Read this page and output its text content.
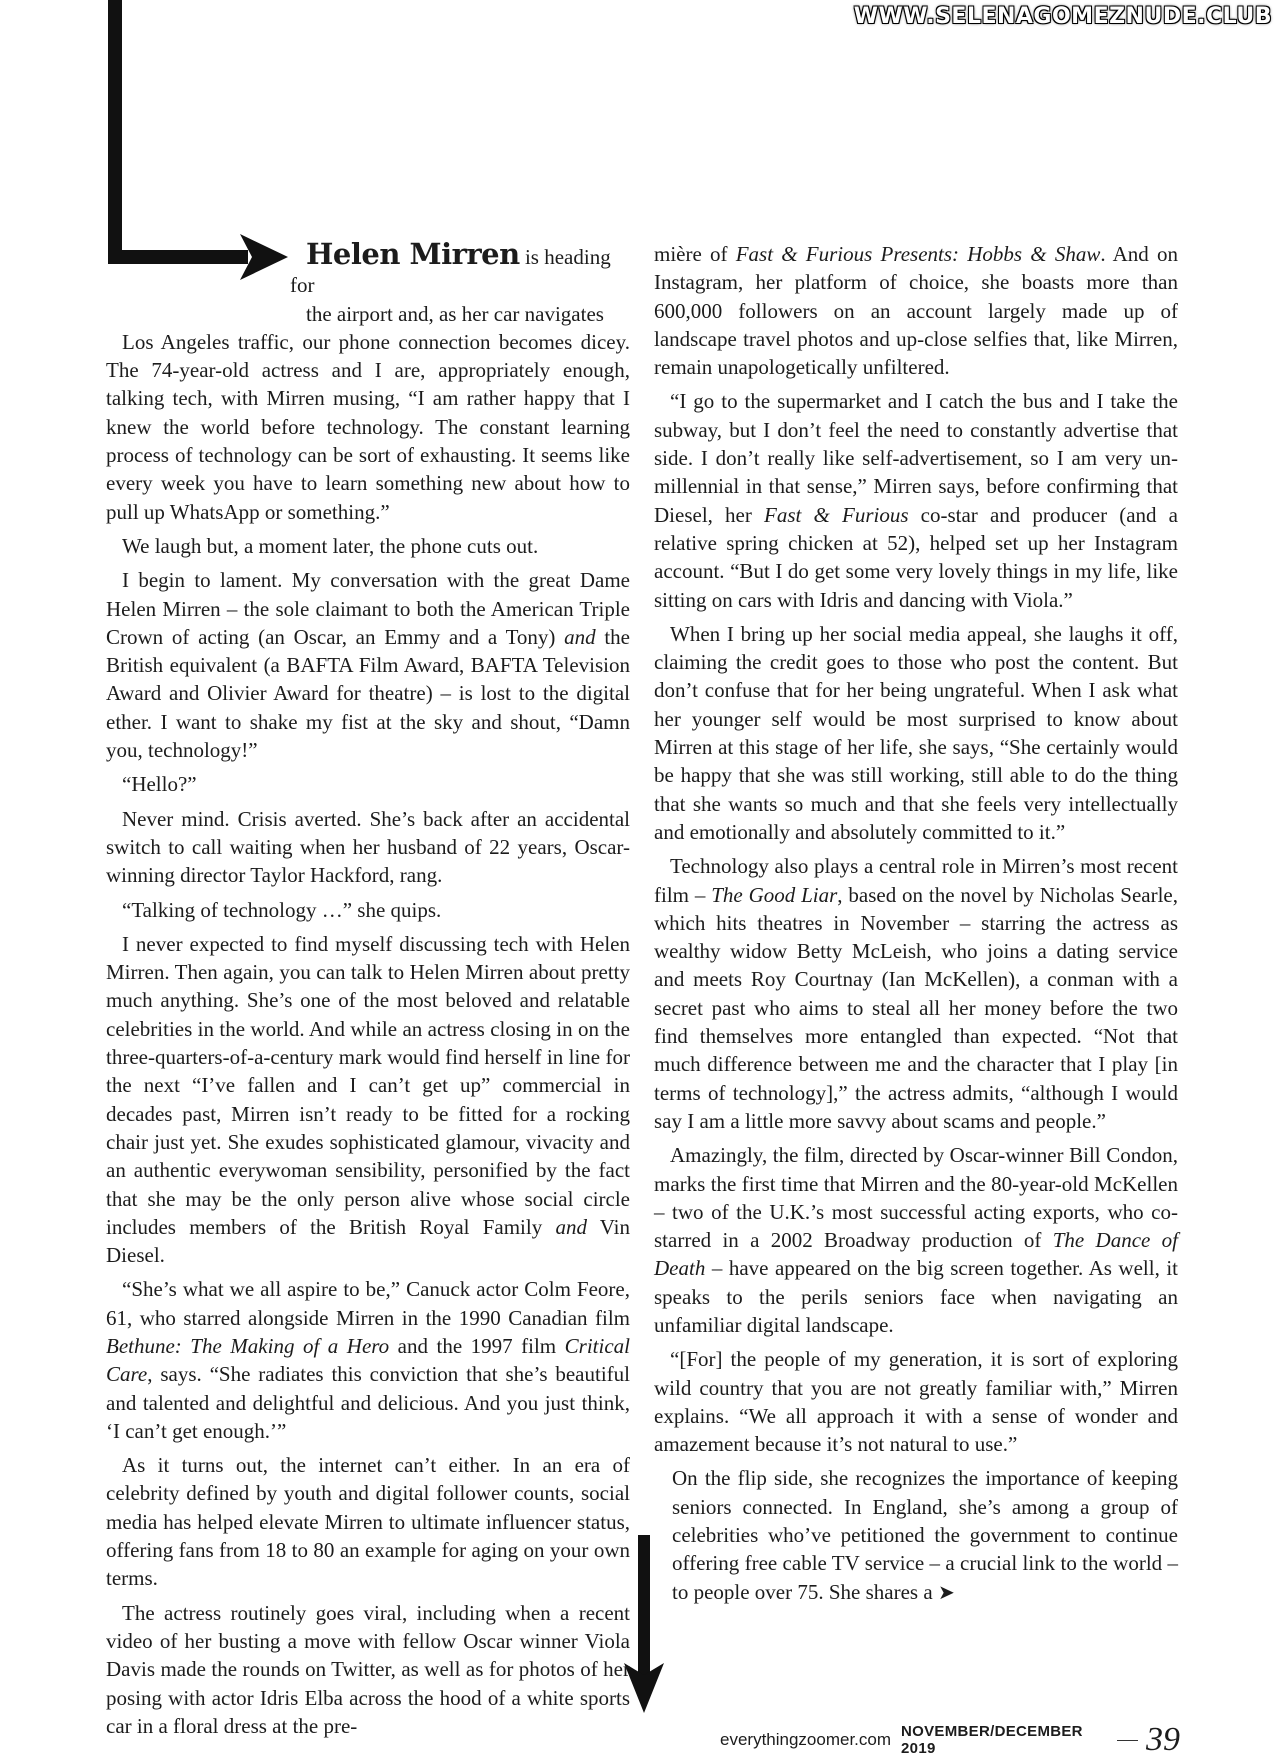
WWW.SELENAGOMEZNUDE.CLUB

Helen Mirren is heading for
the airport and, as her car navigates

Los Angeles traffic, our phone connection becomes dicey. The 74-year-old actress and I are, appropriately enough, talking tech, with Mirren musing, “I am rather happy that I knew the world before technology. The constant learning process of technology can be sort of exhausting. It seems like every week you have to learn something new about how to pull up WhatsApp or something.”

We laugh but, a moment later, the phone cuts out.

I begin to lament. My conversation with the great Dame Helen Mirren – the sole claimant to both the American Triple Crown of acting (an Oscar, an Emmy and a Tony) and the British equivalent (a BAFTA Film Award, BAFTA Television Award and Olivier Award for theatre) – is lost to the digital ether. I want to shake my fist at the sky and shout, “Damn you, technology!”

“Hello?”

Never mind. Crisis averted. She’s back after an accidental switch to call waiting when her husband of 22 years, Oscar-winning director Taylor Hackford, rang.

“Talking of technology …” she quips.

I never expected to find myself discussing tech with Helen Mirren. Then again, you can talk to Helen Mirren about pretty much anything. She’s one of the most beloved and relatable celebrities in the world. And while an actress closing in on the three-quarters-of-a-century mark would find herself in line for the next “I’ve fallen and I can’t get up” commercial in decades past, Mirren isn’t ready to be fitted for a rocking chair just yet. She exudes sophisticated glamour, vivacity and an authentic everywoman sensibility, personified by the fact that she may be the only person alive whose social circle includes members of the British Royal Family and Vin Diesel.

“She’s what we all aspire to be,” Canuck actor Colm Feore, 61, who starred alongside Mirren in the 1990 Canadian film Bethune: The Making of a Hero and the 1997 film Critical Care, says. “She radiates this conviction that she’s beautiful and talented and delightful and delicious. And you just think, ‘I can’t get enough.’”

As it turns out, the internet can’t either. In an era of celebrity defined by youth and digital follower counts, social media has helped elevate Mirren to ultimate influencer status, offering fans from 18 to 80 an example for aging on your own terms.

The actress routinely goes viral, including when a recent video of her busting a move with fellow Oscar winner Viola Davis made the rounds on Twitter, as well as for photos of her posing with actor Idris Elba across the hood of a white sports car in a floral dress at the pre-

mière of Fast & Furious Presents: Hobbs & Shaw. And on Instagram, her platform of choice, she boasts more than 600,000 followers on an account largely made up of landscape travel photos and up-close selfies that, like Mirren, remain unapologetically unfiltered.

“I go to the supermarket and I catch the bus and I take the subway, but I don’t feel the need to constantly advertise that side. I don’t really like self-advertisement, so I am very un-millennial in that sense,” Mirren says, before confirming that Diesel, her Fast & Furious co-star and producer (and a relative spring chicken at 52), helped set up her Instagram account. “But I do get some very lovely things in my life, like sitting on cars with Idris and dancing with Viola.”

When I bring up her social media appeal, she laughs it off, claiming the credit goes to those who post the content. But don’t confuse that for her being ungrateful. When I ask what her younger self would be most surprised to know about Mirren at this stage of her life, she says, “She certainly would be happy that she was still working, still able to do the thing that she wants so much and that she feels very intellectually and emotionally and absolutely committed to it.”

Technology also plays a central role in Mirren’s most recent film – The Good Liar, based on the novel by Nicholas Searle, which hits theatres in November – starring the actress as wealthy widow Betty McLeish, who joins a dating service and meets Roy Courtnay (Ian McKellen), a conman with a secret past who aims to steal all her money before the two find themselves more entangled than expected. “Not that much difference between me and the character that I play [in terms of technology],” the actress admits, “although I would say I am a little more savvy about scams and people.”

Amazingly, the film, directed by Oscar-winner Bill Condon, marks the first time that Mirren and the 80-year-old McKellen – two of the U.K.’s most successful acting exports, who co-starred in a 2002 Broadway production of The Dance of Death – have appeared on the big screen together. As well, it speaks to the perils seniors face when navigating an unfamiliar digital landscape.

“[For] the people of my generation, it is sort of exploring wild country that you are not greatly familiar with,” Mirren explains. “We all approach it with a sense of wonder and amazement because it’s not natural to use.”

On the flip side, she recognizes the importance of keeping seniors connected. In England, she’s among a group of celebrities who’ve petitioned the government to continue offering free cable TV service – a crucial link to the world – to people over 75. She shares a ➤

everythingzoomer.com NOVEMBER/DECEMBER 2019	39
